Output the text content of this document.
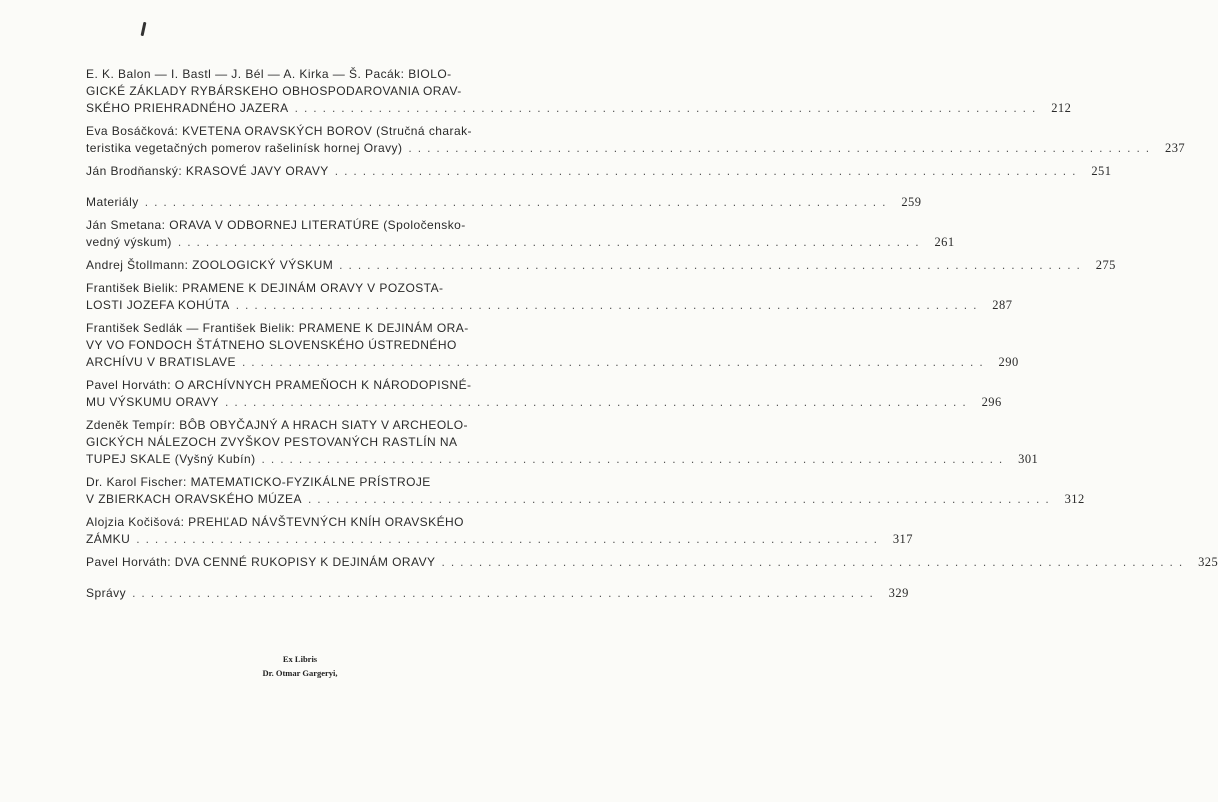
E. K. Balon — I. Bastl — J. Bél — A. Kirka — Š. Pacák: BIOLO-
GICKÉ ZÁKLADY RYBÁRSKEHO OBHOSPODAROVANIA ORAV-
SKÉHO PRIEHRADNÉHO JAZERA ................................................................................ 212
Eva Bosáčková: KVETENA ORAVSKÝCH BOROV (Stručná charak-
teristika vegetačných pomerov rašelinísk hornej Oravy) ................................................................................ 237
Ján Brodňanský: KRASOVÉ JAVY ORAVY ................................................................................ 251
Materiály ................................................................................ 259
Ján Smetana: ORAVA V ODBORNEJ LITERATÚRE (Spoločensko-
vedný výskum) ................................................................................ 261
Andrej Štollmann: ZOOLOGICKÝ VÝSKUM ................................................................................ 275
František Bielik: PRAMENE K DEJINÁM ORAVY V POZOSTA-
LOSTI JOZEFA KOHÚTA ................................................................................ 287
František Sedlák — František Bielik: PRAMENE K DEJINÁM ORA-
VY VO FONDOCH ŠTÁTNEHO SLOVENSKÉHO ÚSTREDNÉHO
ARCHÍVU V BRATISLAVE ................................................................................ 290
Pavel Horváth: O ARCHÍVNYCH PRAMEŇOCH K NÁRODOPISNÉ-
MU VÝSKUMU ORAVY ................................................................................ 296
Zdeněk Tempír: BÔB OBYČAJNÝ A HRACH SIATY V ARCHEOLO-
GICKÝCH NÁLEZOCH ZVYŠKOV PESTOVANÝCH RASTLÍN NA
TUPEJ SKALE (Vyšný Kubín) ................................................................................ 301
Dr. Karol Fischer: MATEMATICKO-FYZIKÁLNE PRÍSTROJE
V ZBIERKACH ORAVSKÉHO MÚZEA ................................................................................ 312
Alojzia Kočišová: PREHĽAD NÁVŠTEVNÝCH KNÍH ORAVSKÉHO
ZÁMKU ................................................................................ 317
Pavel Horváth: DVA CENNÉ RUKOPISY K DEJINÁM ORAVY ................................................................................ 325
Správy ................................................................................ 329
Ex Libris
Dr. Otmar Gargeryi,
